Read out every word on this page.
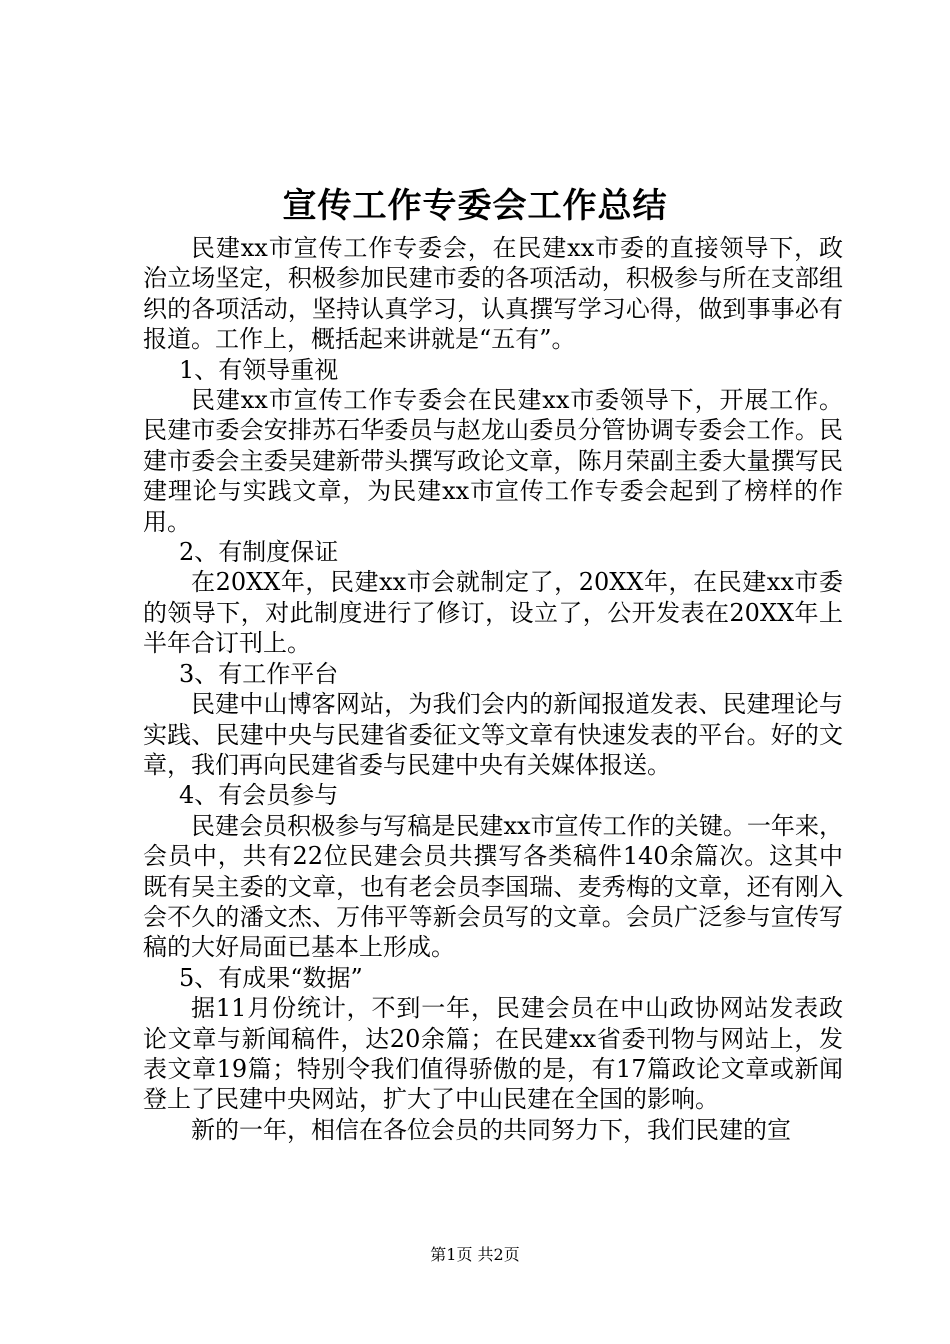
宣传工作专委会工作总结

民建xx市宣传工作专委会，在民建xx市委的直接领导下，政治立场坚定，积极参加民建市委的各项活动，积极参与所在支部组织的各项活动，坚持认真学习，认真撰写学习心得，做到事事必有报道。工作上，概括起来讲就是“五有”。

1、有领导重视

民建xx市宣传工作专委会在民建xx市委领导下，开展工作。民建市委会安排苏石华委员与赵龙山委员分管协调专委会工作。民建市委会主委吴建新带头撰写政论文章，陈月荣副主委大量撰写民建理论与实践文章，为民建xx市宣传工作专委会起到了榜样的作用。

2、有制度保证

在20XX年，民建xx市会就制定了，20XX年，在民建xx市委的领导下，对此制度进行了修订，设立了，公开发表在20XX年上半年合订刊上。

3、有工作平台

民建中山博客网站，为我们会内的新闻报道发表、民建理论与实践、民建中央与民建省委征文等文章有快速发表的平台。好的文章，我们再向民建省委与民建中央有关媒体报送。

4、有会员参与

民建会员积极参与写稿是民建xx市宣传工作的关键。一年来，会员中，共有22位民建会员共撰写各类稿件140余篇次。这其中既有吴主委的文章，也有老会员李国瑞、麦秀梅的文章，还有刚入会不久的潘文杰、万伟平等新会员写的文章。会员广泛参与宣传写稿的大好局面已基本上形成。

5、有成果“数据”

据11月份统计，不到一年，民建会员在中山政协网站发表政论文章与新闻稿件，达20余篇；在民建xx省委刊物与网站上，发表文章19篇；特别令我们值得骄傲的是，有17篇政论文章或新闻登上了民建中央网站，扩大了中山民建在全国的影响。

新的一年，相信在各位会员的共同努力下，我们民建的宣

第1页 共2页
